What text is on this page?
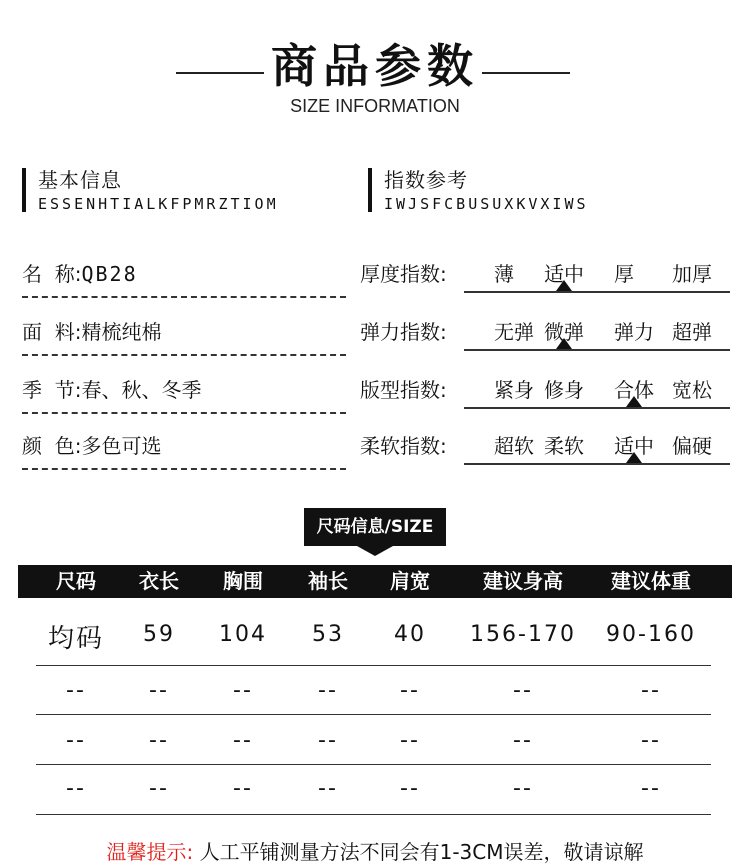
商品参数
SIZE INFORMATION
基本信息
ESSENHTIALKFPMRZTIOM
指数参考
IWJSFCBUSUXKVXIWS
名  称:QB28
面  料:精梳纯棉
季  节:春、秋、冬季
颜  色:多色可选
厚度指数: 薄 适中 厚 加厚
弹力指数: 无弹 微弹 弹力 超弹
版型指数: 紧身 修身 合体 宽松
柔软指数: 超软 柔软 适中 偏硬
尺码信息/SIZE
尺码	衣长	胸围	袖长	肩宽	建议身高	建议体重
均码	59	104	53	40	156-170	90-160
--	--	--	--	--	--	--
--	--	--	--	--	--	--
--	--	--	--	--	--	--
温馨提示: 人工平铺测量方法不同会有1-3CM误差，敬请谅解
